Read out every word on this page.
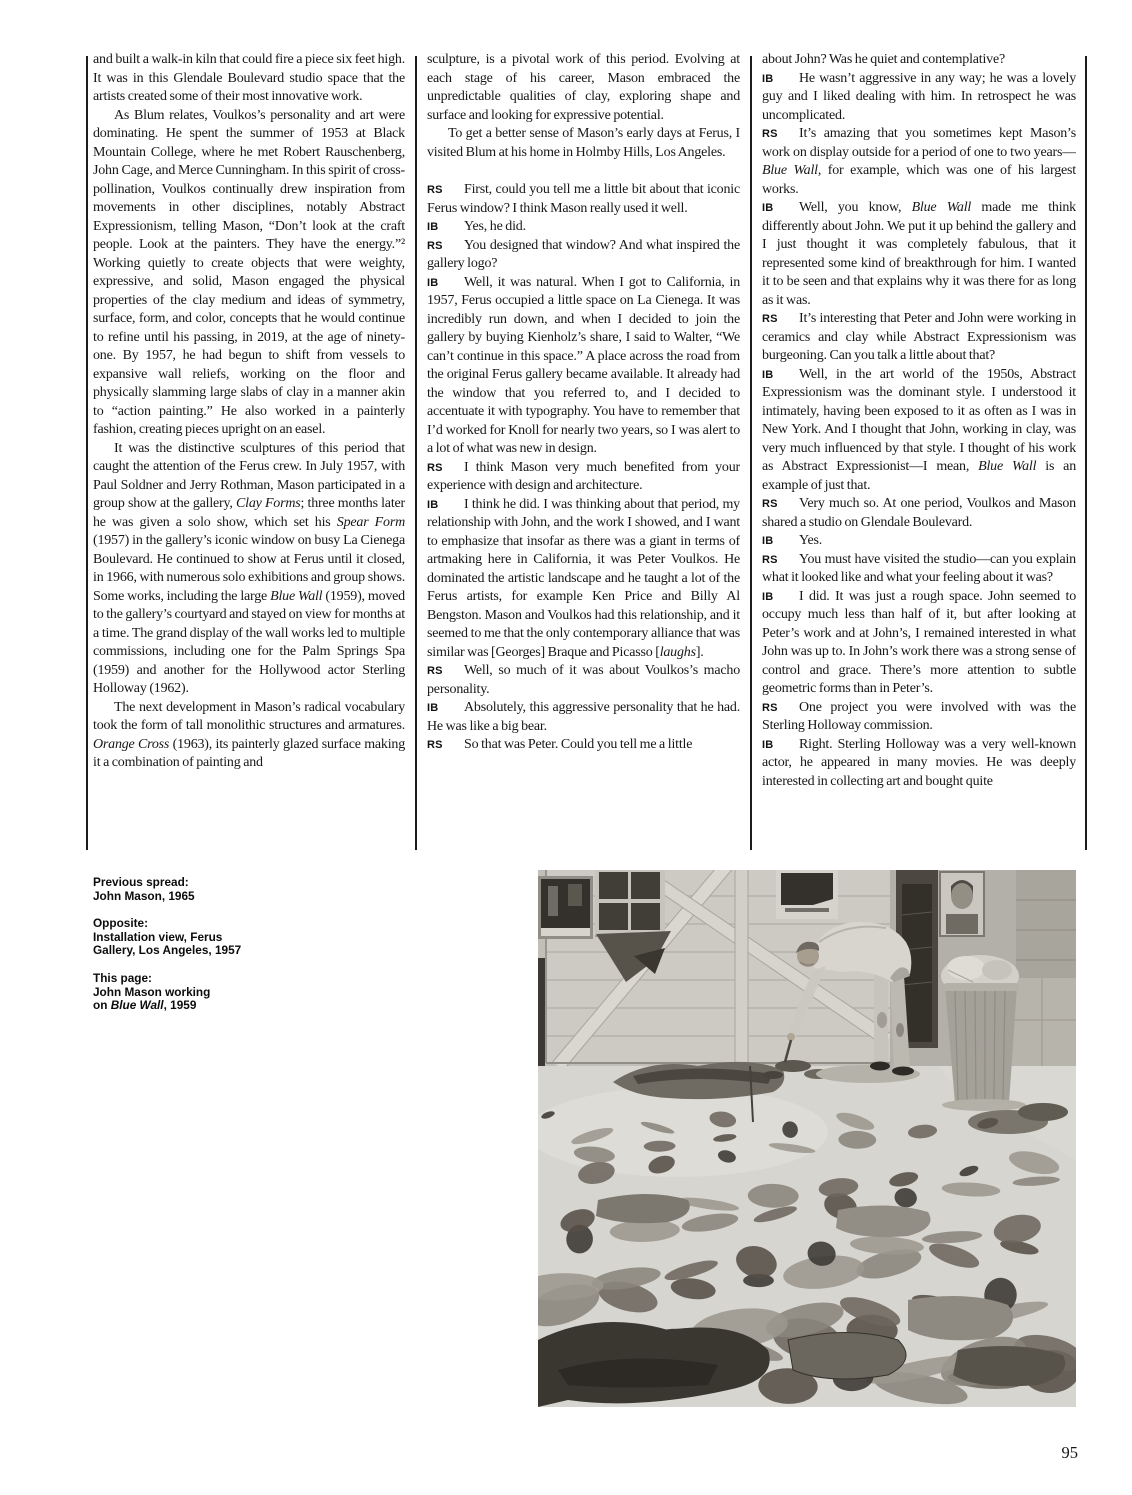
and built a walk-in kiln that could fire a piece six feet high. It was in this Glendale Boulevard studio space that the artists created some of their most innovative work.

As Blum relates, Voulkos’s personality and art were dominating. He spent the summer of 1953 at Black Mountain College, where he met Robert Rauschenberg, John Cage, and Merce Cunningham. In this spirit of cross-pollination, Voulkos continually drew inspiration from movements in other disciplines, notably Abstract Expressionism, telling Mason, “Don’t look at the craft people. Look at the painters. They have the energy.”² Working quietly to create objects that were weighty, expressive, and solid, Mason engaged the physical properties of the clay medium and ideas of symmetry, surface, form, and color, concepts that he would continue to refine until his passing, in 2019, at the age of ninety-one. By 1957, he had begun to shift from vessels to expansive wall reliefs, working on the floor and physically slamming large slabs of clay in a manner akin to “action painting.” He also worked in a painterly fashion, creating pieces upright on an easel.

It was the distinctive sculptures of this period that caught the attention of the Ferus crew. In July 1957, with Paul Soldner and Jerry Rothman, Mason participated in a group show at the gallery, Clay Forms; three months later he was given a solo show, which set his Spear Form (1957) in the gallery’s iconic window on busy La Cienega Boulevard. He continued to show at Ferus until it closed, in 1966, with numerous solo exhibitions and group shows. Some works, including the large Blue Wall (1959), moved to the gallery’s courtyard and stayed on view for months at a time. The grand display of the wall works led to multiple commissions, including one for the Palm Springs Spa (1959) and another for the Hollywood actor Sterling Holloway (1962).

The next development in Mason’s radical vocabulary took the form of tall monolithic structures and armatures. Orange Cross (1963), its painterly glazed surface making it a combination of painting and

sculpture, is a pivotal work of this period. Evolving at each stage of his career, Mason embraced the unpredictable qualities of clay, exploring shape and surface and looking for expressive potential.

To get a better sense of Mason’s early days at Ferus, I visited Blum at his home in Holmby Hills, Los Angeles.

RS First, could you tell me a little bit about that iconic Ferus window? I think Mason really used it well.

IB Yes, he did.

RS You designed that window? And what inspired the gallery logo?

IB Well, it was natural. When I got to California, in 1957, Ferus occupied a little space on La Cienega. It was incredibly run down, and when I decided to join the gallery by buying Kienholz’s share, I said to Walter, “We can’t continue in this space.” A place across the road from the original Ferus gallery became available. It already had the window that you referred to, and I decided to accentuate it with typography. You have to remember that I’d worked for Knoll for nearly two years, so I was alert to a lot of what was new in design.

RS I think Mason very much benefited from your experience with design and architecture.

IB I think he did. I was thinking about that period, my relationship with John, and the work I showed, and I want to emphasize that insofar as there was a giant in terms of artmaking here in California, it was Peter Voulkos. He dominated the artistic landscape and he taught a lot of the Ferus artists, for example Ken Price and Billy Al Bengston. Mason and Voulkos had this relationship, and it seemed to me that the only contemporary alliance that was similar was [Georges] Braque and Picasso [laughs].

RS Well, so much of it was about Voulkos’s macho personality.

IB Absolutely, this aggressive personality that he had. He was like a big bear.

RS So that was Peter. Could you tell me a little

about John? Was he quiet and contemplative?

IB He wasn’t aggressive in any way; he was a lovely guy and I liked dealing with him. In retrospect he was uncomplicated.

RS It’s amazing that you sometimes kept Mason’s work on display outside for a period of one to two years—Blue Wall, for example, which was one of his largest works.

IB Well, you know, Blue Wall made me think differently about John. We put it up behind the gallery and I just thought it was completely fabulous, that it represented some kind of breakthrough for him. I wanted it to be seen and that explains why it was there for as long as it was.

RS It’s interesting that Peter and John were working in ceramics and clay while Abstract Expressionism was burgeoning. Can you talk a little about that?

IB Well, in the art world of the 1950s, Abstract Expressionism was the dominant style. I understood it intimately, having been exposed to it as often as I was in New York. And I thought that John, working in clay, was very much influenced by that style. I thought of his work as Abstract Expressionist—I mean, Blue Wall is an example of just that.

RS Very much so. At one period, Voulkos and Mason shared a studio on Glendale Boulevard.

IB Yes.

RS You must have visited the studio—can you explain what it looked like and what your feeling about it was?

IB I did. It was just a rough space. John seemed to occupy much less than half of it, but after looking at Peter’s work and at John’s, I remained interested in what John was up to. In John’s work there was a strong sense of control and grace. There’s more attention to subtle geometric forms than in Peter’s.

RS One project you were involved with was the Sterling Holloway commission.

IB Right. Sterling Holloway was a very well-known actor, he appeared in many movies. He was deeply interested in collecting art and bought quite

Previous spread:
John Mason, 1965
Opposite:
Installation view, Ferus
Gallery, Los Angeles, 1957
This page:
John Mason working
on Blue Wall, 1959
95
